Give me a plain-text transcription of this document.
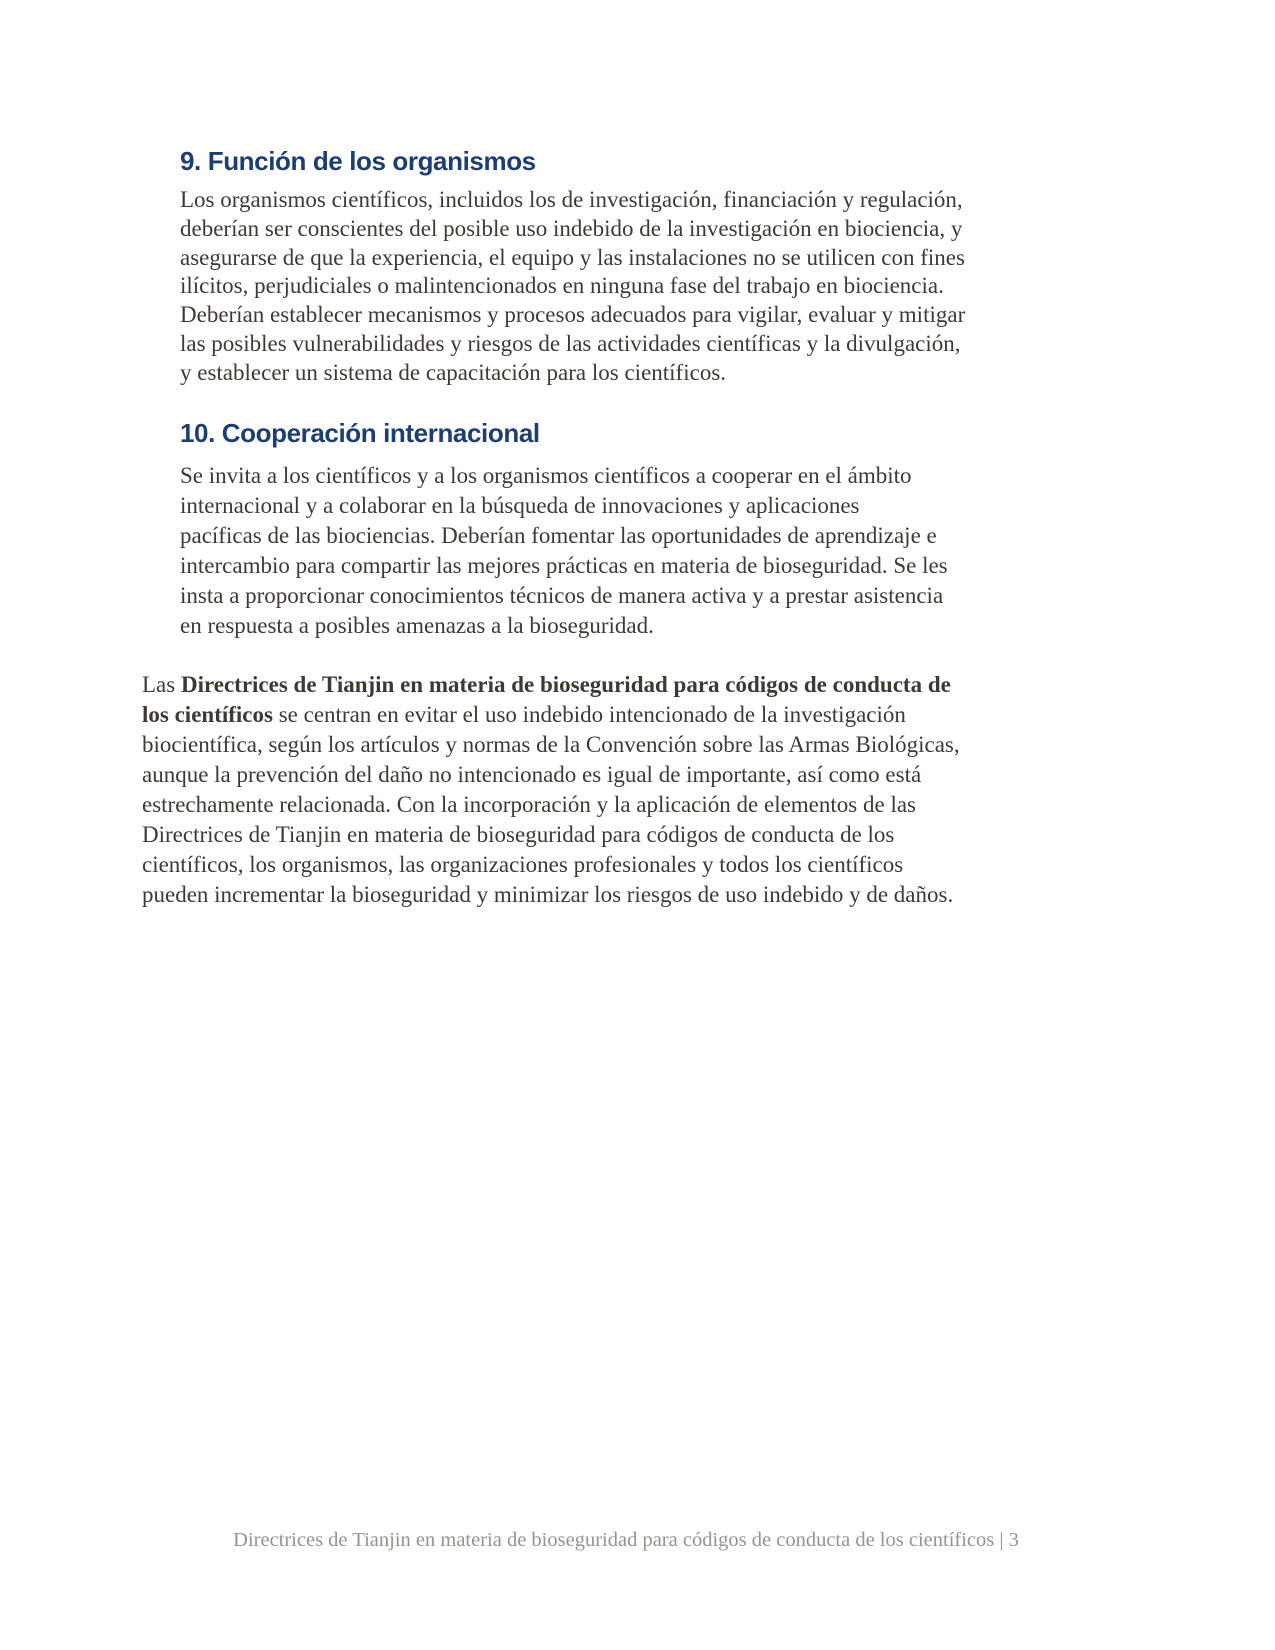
9. Función de los organismos
Los organismos científicos, incluidos los de investigación, financiación y regulación,
deberían ser conscientes del posible uso indebido de la investigación en biociencia, y
asegurarse de que la experiencia, el equipo y las instalaciones no se utilicen con fines
ilícitos, perjudiciales o malintencionados en ninguna fase del trabajo en biociencia.
Deberían establecer mecanismos y procesos adecuados para vigilar, evaluar y mitigar
las posibles vulnerabilidades y riesgos de las actividades científicas y la divulgación,
y establecer un sistema de capacitación para los científicos.
10. Cooperación internacional
Se invita a los científicos y a los organismos científicos a cooperar en el ámbito
internacional y a colaborar en la búsqueda de innovaciones y aplicaciones
pacíficas de las biociencias. Deberían fomentar las oportunidades de aprendizaje e
intercambio para compartir las mejores prácticas en materia de bioseguridad. Se les
insta a proporcionar conocimientos técnicos de manera activa y a prestar asistencia
en respuesta a posibles amenazas a la bioseguridad.
Las Directrices de Tianjin en materia de bioseguridad para códigos de conducta de
los científicos se centran en evitar el uso indebido intencionado de la investigación
biocientífica, según los artículos y normas de la Convención sobre las Armas Biológicas,
aunque la prevención del daño no intencionado es igual de importante, así como está
estrechamente relacionada. Con la incorporación y la aplicación de elementos de las
Directrices de Tianjin en materia de bioseguridad para códigos de conducta de los
científicos, los organismos, las organizaciones profesionales y todos los científicos
pueden incrementar la bioseguridad y minimizar los riesgos de uso indebido y de daños.
Directrices de Tianjin en materia de bioseguridad para códigos de conducta de los científicos | 3
